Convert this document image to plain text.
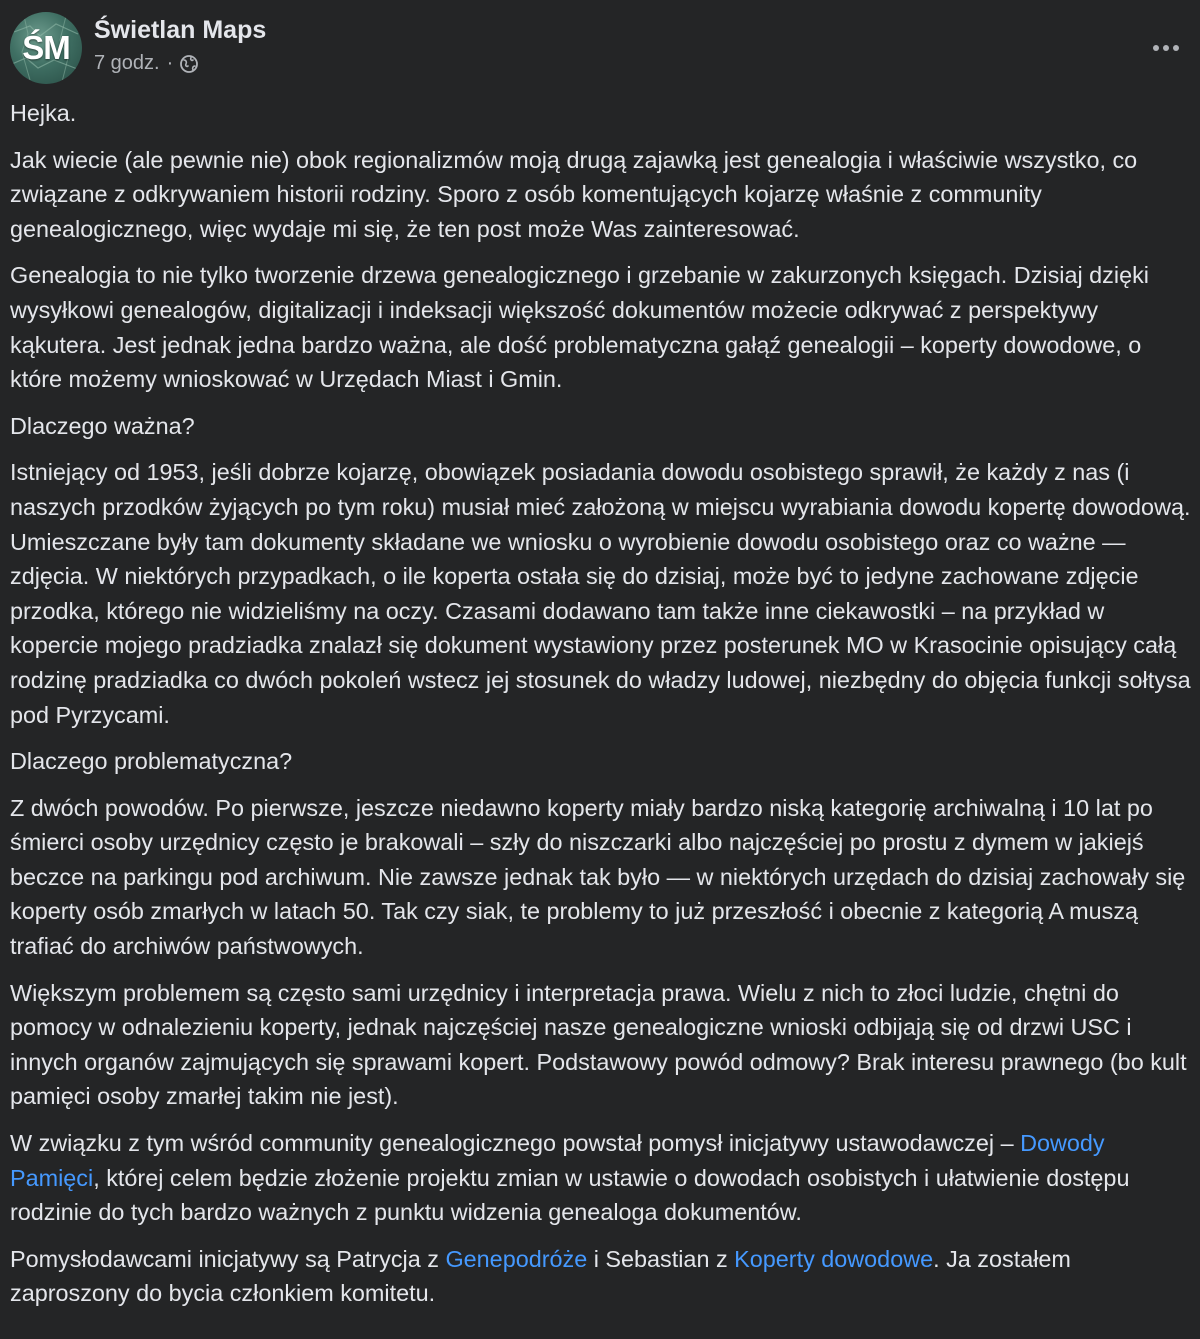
ŚM Świetlan Maps
7 godz. ·

Hejka.

Jak wiecie (ale pewnie nie) obok regionalizmów moją drugą zajawką jest genealogia i właściwie wszystko, co związane z odkrywaniem historii rodziny. Sporo z osób komentujących kojarzę właśnie z community genealogicznego, więc wydaje mi się, że ten post może Was zainteresować.

Genealogia to nie tylko tworzenie drzewa genealogicznego i grzebanie w zakurzonych księgach. Dzisiaj dzięki wysyłkowi genealogów, digitalizacji i indeksacji większość dokumentów możecie odkrywać z perspektywy kąkutera. Jest jednak jedna bardzo ważna, ale dość problematyczna gałąź genealogii – koperty dowodowe, o które możemy wnioskować w Urzędach Miast i Gmin.

Dlaczego ważna?

Istniejący od 1953, jeśli dobrze kojarzę, obowiązek posiadania dowodu osobistego sprawił, że każdy z nas (i naszych przodków żyjących po tym roku) musiał mieć założoną w miejscu wyrabiania dowodu kopertę dowodową. Umieszczane były tam dokumenty składane we wniosku o wyrobienie dowodu osobistego oraz co ważne — zdjęcia. W niektórych przypadkach, o ile koperta ostała się do dzisiaj, może być to jedyne zachowane zdjęcie przodka, którego nie widzieliśmy na oczy. Czasami dodawano tam także inne ciekawostki – na przykład w kopercie mojego pradziadka znalazł się dokument wystawiony przez posterunek MO w Krasocinie opisujący całą rodzinę pradziadka co dwóch pokoleń wstecz jej stosunek do władzy ludowej, niezbędny do objęcia funkcji sołtysa pod Pyrzycami.

Dlaczego problematyczna?

Z dwóch powodów. Po pierwsze, jeszcze niedawno koperty miały bardzo niską kategorię archiwalną i 10 lat po śmierci osoby urzędnicy często je brakowali – szły do niszczarki albo najczęściej po prostu z dymem w jakiejś beczce na parkingu pod archiwum. Nie zawsze jednak tak było — w niektórych urzędach do dzisiaj zachowały się koperty osób zmarłych w latach 50. Tak czy siak, te problemy to już przeszłość i obecnie z kategorią A muszą trafiać do archiwów państwowych.

Większym problemem są często sami urzędnicy i interpretacja prawa. Wielu z nich to złoci ludzie, chętni do pomocy w odnalezieniu koperty, jednak najczęściej nasze genealogiczne wnioski odbijają się od drzwi USC i innych organów zajmujących się sprawami kopert. Podstawowy powód odmowy? Brak interesu prawnego (bo kult pamięci osoby zmarłej takim nie jest).

W związku z tym wśród community genealogicznego powstał pomysł inicjatywy ustawodawczej – Dowody Pamięci, której celem będzie złożenie projektu zmian w ustawie o dowodach osobistych i ułatwienie dostępu rodzinie do tych bardzo ważnych z punktu widzenia genealoga dokumentów.

Pomysłodawcami inicjatywy są Patrycja z Genepodróże i Sebastian z Koperty dowodowe. Ja zostałem zaproszony do bycia członkiem komitetu.
